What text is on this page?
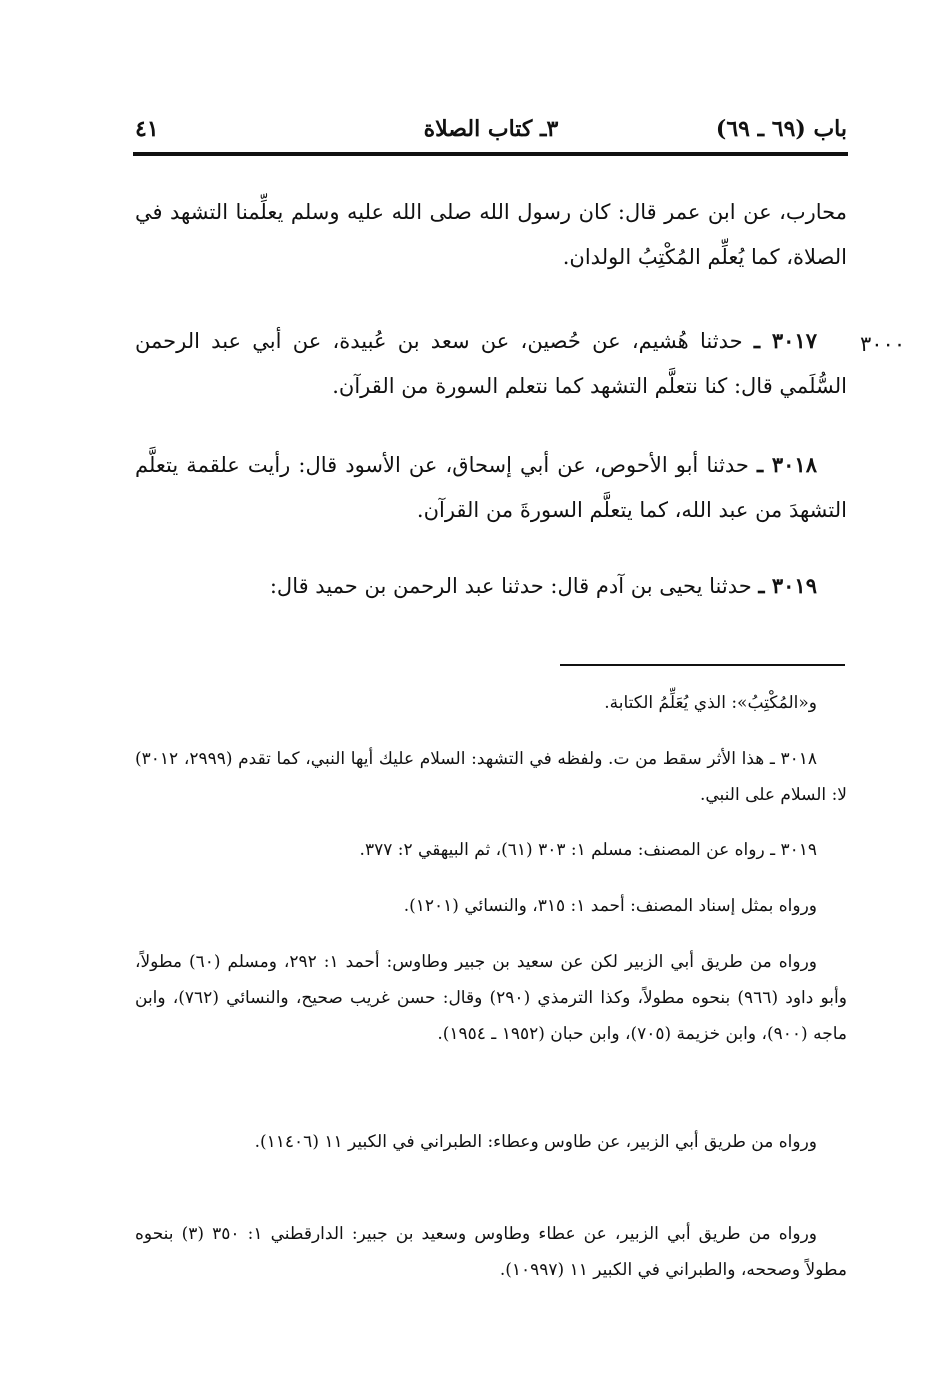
باب (٦٩ ـ ٦٩)
٣ـ كتاب الصلاة
٤١
٣٠٠٠
محارب، عن ابن عمر قال: كان رسول الله صلى الله عليه وسلم يعلِّمنا التشهد في الصلاة، كما يُعلِّم المُكْتِبُ الولدان.
٣٠١٧ ـ حدثنا هُشيم، عن حُصين، عن سعد بن عُبيدة، عن أبي عبد الرحمن السُّلَمي قال: كنا نتعلَّم التشهد كما نتعلم السورة من القرآن.
٣٠١٨ ـ حدثنا أبو الأحوص، عن أبي إسحاق، عن الأسود قال: رأيت علقمة يتعلَّم التشهدَ من عبد الله، كما يتعلَّم السورةَ من القرآن.
٣٠١٩ ـ حدثنا يحيى بن آدم قال: حدثنا عبد الرحمن بن حميد قال:
و«المُكْتِبُ»: الذي يُعَلِّمُ الكتابة.
٣٠١٨ ـ هذا الأثر سقط من ت. ولفظه في التشهد: السلام عليك أيها النبي، كما تقدم (٢٩٩٩، ٣٠١٢) لا: السلام على النبي.
٣٠١٩ ـ رواه عن المصنف: مسلم ١: ٣٠٣ (٦١)، ثم البيهقي ٢: ٣٧٧.
ورواه بمثل إسناد المصنف: أحمد ١: ٣١٥، والنسائي (١٢٠١).
ورواه من طريق أبي الزبير لكن عن سعيد بن جبير وطاوس: أحمد ١: ٢٩٢، ومسلم (٦٠) مطولاً، وأبو داود (٩٦٦) بنحوه مطولاً، وكذا الترمذي (٢٩٠) وقال: حسن غريب صحيح، والنسائي (٧٦٢)، وابن ماجه (٩٠٠)، وابن خزيمة (٧٠٥)، وابن حبان (١٩٥٢ ـ ١٩٥٤).
ورواه من طريق أبي الزبير، عن طاوس وعطاء: الطبراني في الكبير ١١ (١١٤٠٦).
ورواه من طريق أبي الزبير، عن عطاء وطاوس وسعيد بن جبير: الدارقطني ١: ٣٥٠ (٣) بنحوه مطولاً وصححه، والطبراني في الكبير ١١ (١٠٩٩٧).
